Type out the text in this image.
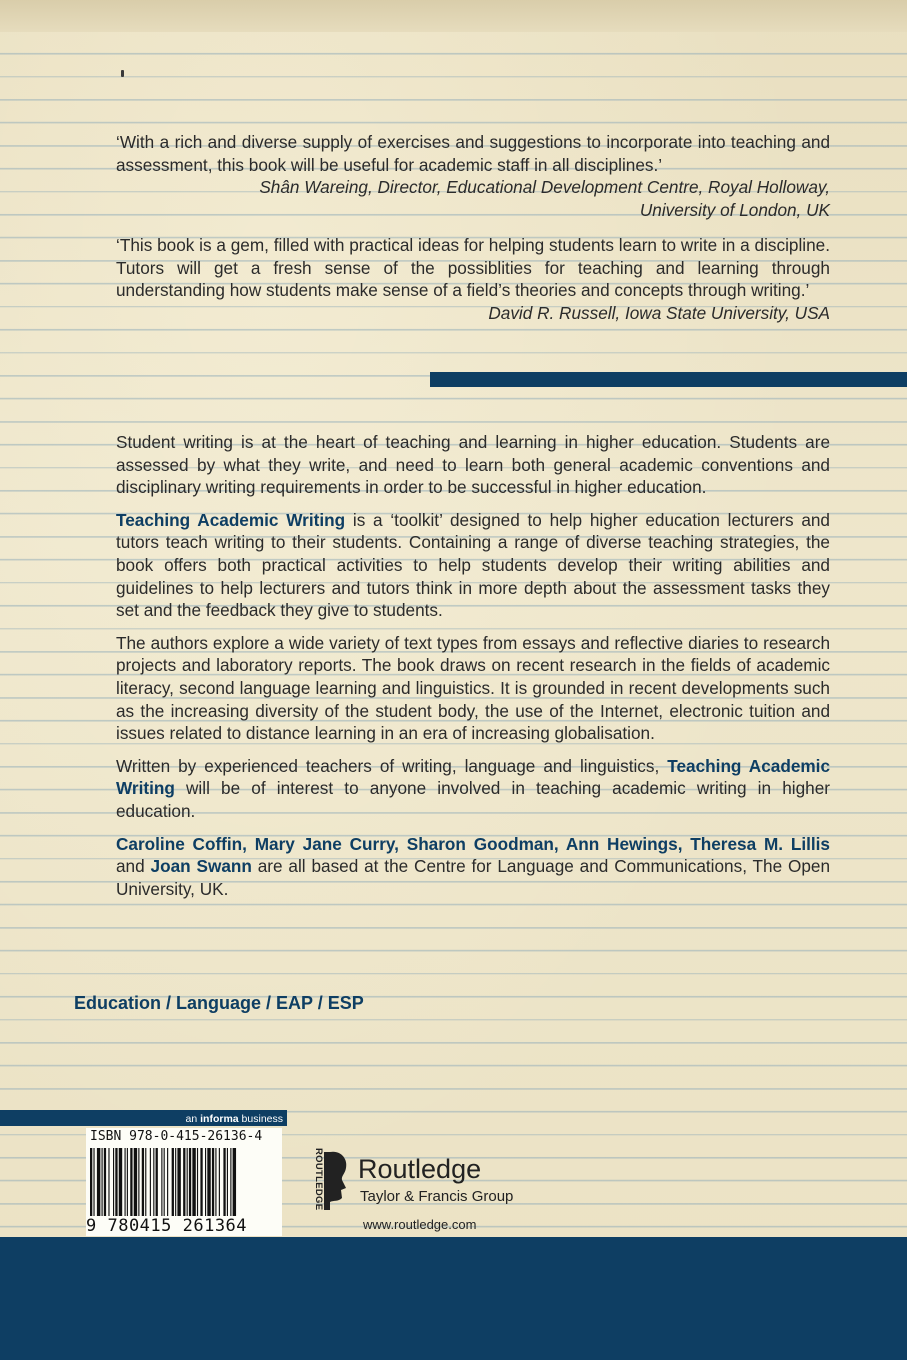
‘With a rich and diverse supply of exercises and suggestions to incorporate into teaching and assessment, this book will be useful for academic staff in all disciplines.’

Shân Wareing, Director, Educational Development Centre, Royal Holloway,

University of London, UK

‘This book is a gem, filled with practical ideas for helping students learn to write in a discipline. Tutors will get a fresh sense of the possiblities for teaching and learning through understanding how students make sense of a field’s theories and concepts through writing.’

David R. Russell, Iowa State University, USA

Student writing is at the heart of teaching and learning in higher education. Students are assessed by what they write, and need to learn both general academic conventions and disciplinary writing requirements in order to be successful in higher education.

Teaching Academic Writing is a ‘toolkit’ designed to help higher education lecturers and tutors teach writing to their students. Containing a range of diverse teaching strategies, the book offers both practical activities to help students develop their writing abilities and guidelines to help lecturers and tutors think in more depth about the assessment tasks they set and the feedback they give to students.

The authors explore a wide variety of text types from essays and reflective diaries to research projects and laboratory reports. The book draws on recent research in the fields of academic literacy, second language learning and linguistics. It is grounded in recent developments such as the increasing diversity of the student body, the use of the Internet, electronic tuition and issues related to distance learning in an era of increasing globalisation.

Written by experienced teachers of writing, language and linguistics, Teaching Academic Writing will be of interest to anyone involved in teaching academic writing in higher education.

Caroline Coffin, Mary Jane Curry, Sharon Goodman, Ann Hewings, Theresa M. Lillis and Joan Swann are all based at the Centre for Language and Communications, The Open University, UK.

Education / Language / EAP / ESP
an informa business
ISBN 978-0-415-26136-4
9 780415 261364
ROUTLEDGE Routledge
Taylor & Francis Group
www.routledge.com
